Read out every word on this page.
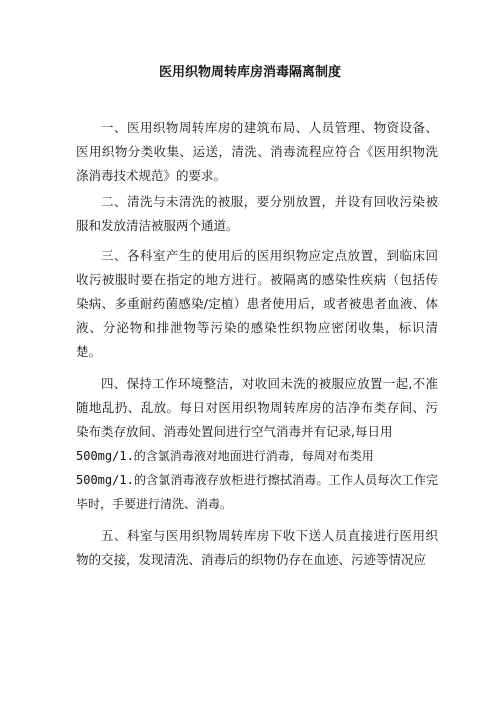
医用织物周转库房消毒隔离制度

一、医用织物周转库房的建筑布局、人员管理、物资设备、医用织物分类收集、运送，清洗、消毒流程应符合《医用织物洗涤消毒技术规范》的要求。

二、清洗与未清洗的被服，要分别放置，并设有回收污染被服和发放清洁被服两个通道。

三、各科室产生的使用后的医用织物应定点放置，到临床回收污被服时要在指定的地方进行。被隔离的感染性疾病（包括传染病、多重耐药菌感染/定植）患者使用后，或者被患者血液、体液、分泌物和排泄物等污染的感染性织物应密闭收集，标识清楚。

四、保持工作环境整洁，对收回未洗的被服应放置一起,不准随地乱扔、乱放。每日对医用织物周转库房的洁净布类存间、污染布类存放间、消毒处置间进行空气消毒并有记录,每日用
500mg/1.的含氯消毒液对地面进行消毒，每周对布类用
500mg/1.的含氯消毒液存放柜进行擦拭消毒。工作人员每次工作完毕时，手要进行清洗、消毒。

五、科室与医用织物周转库房下收下送人员直接进行医用织物的交接，发现清洗、消毒后的织物仍存在血迹、污迹等情况应
